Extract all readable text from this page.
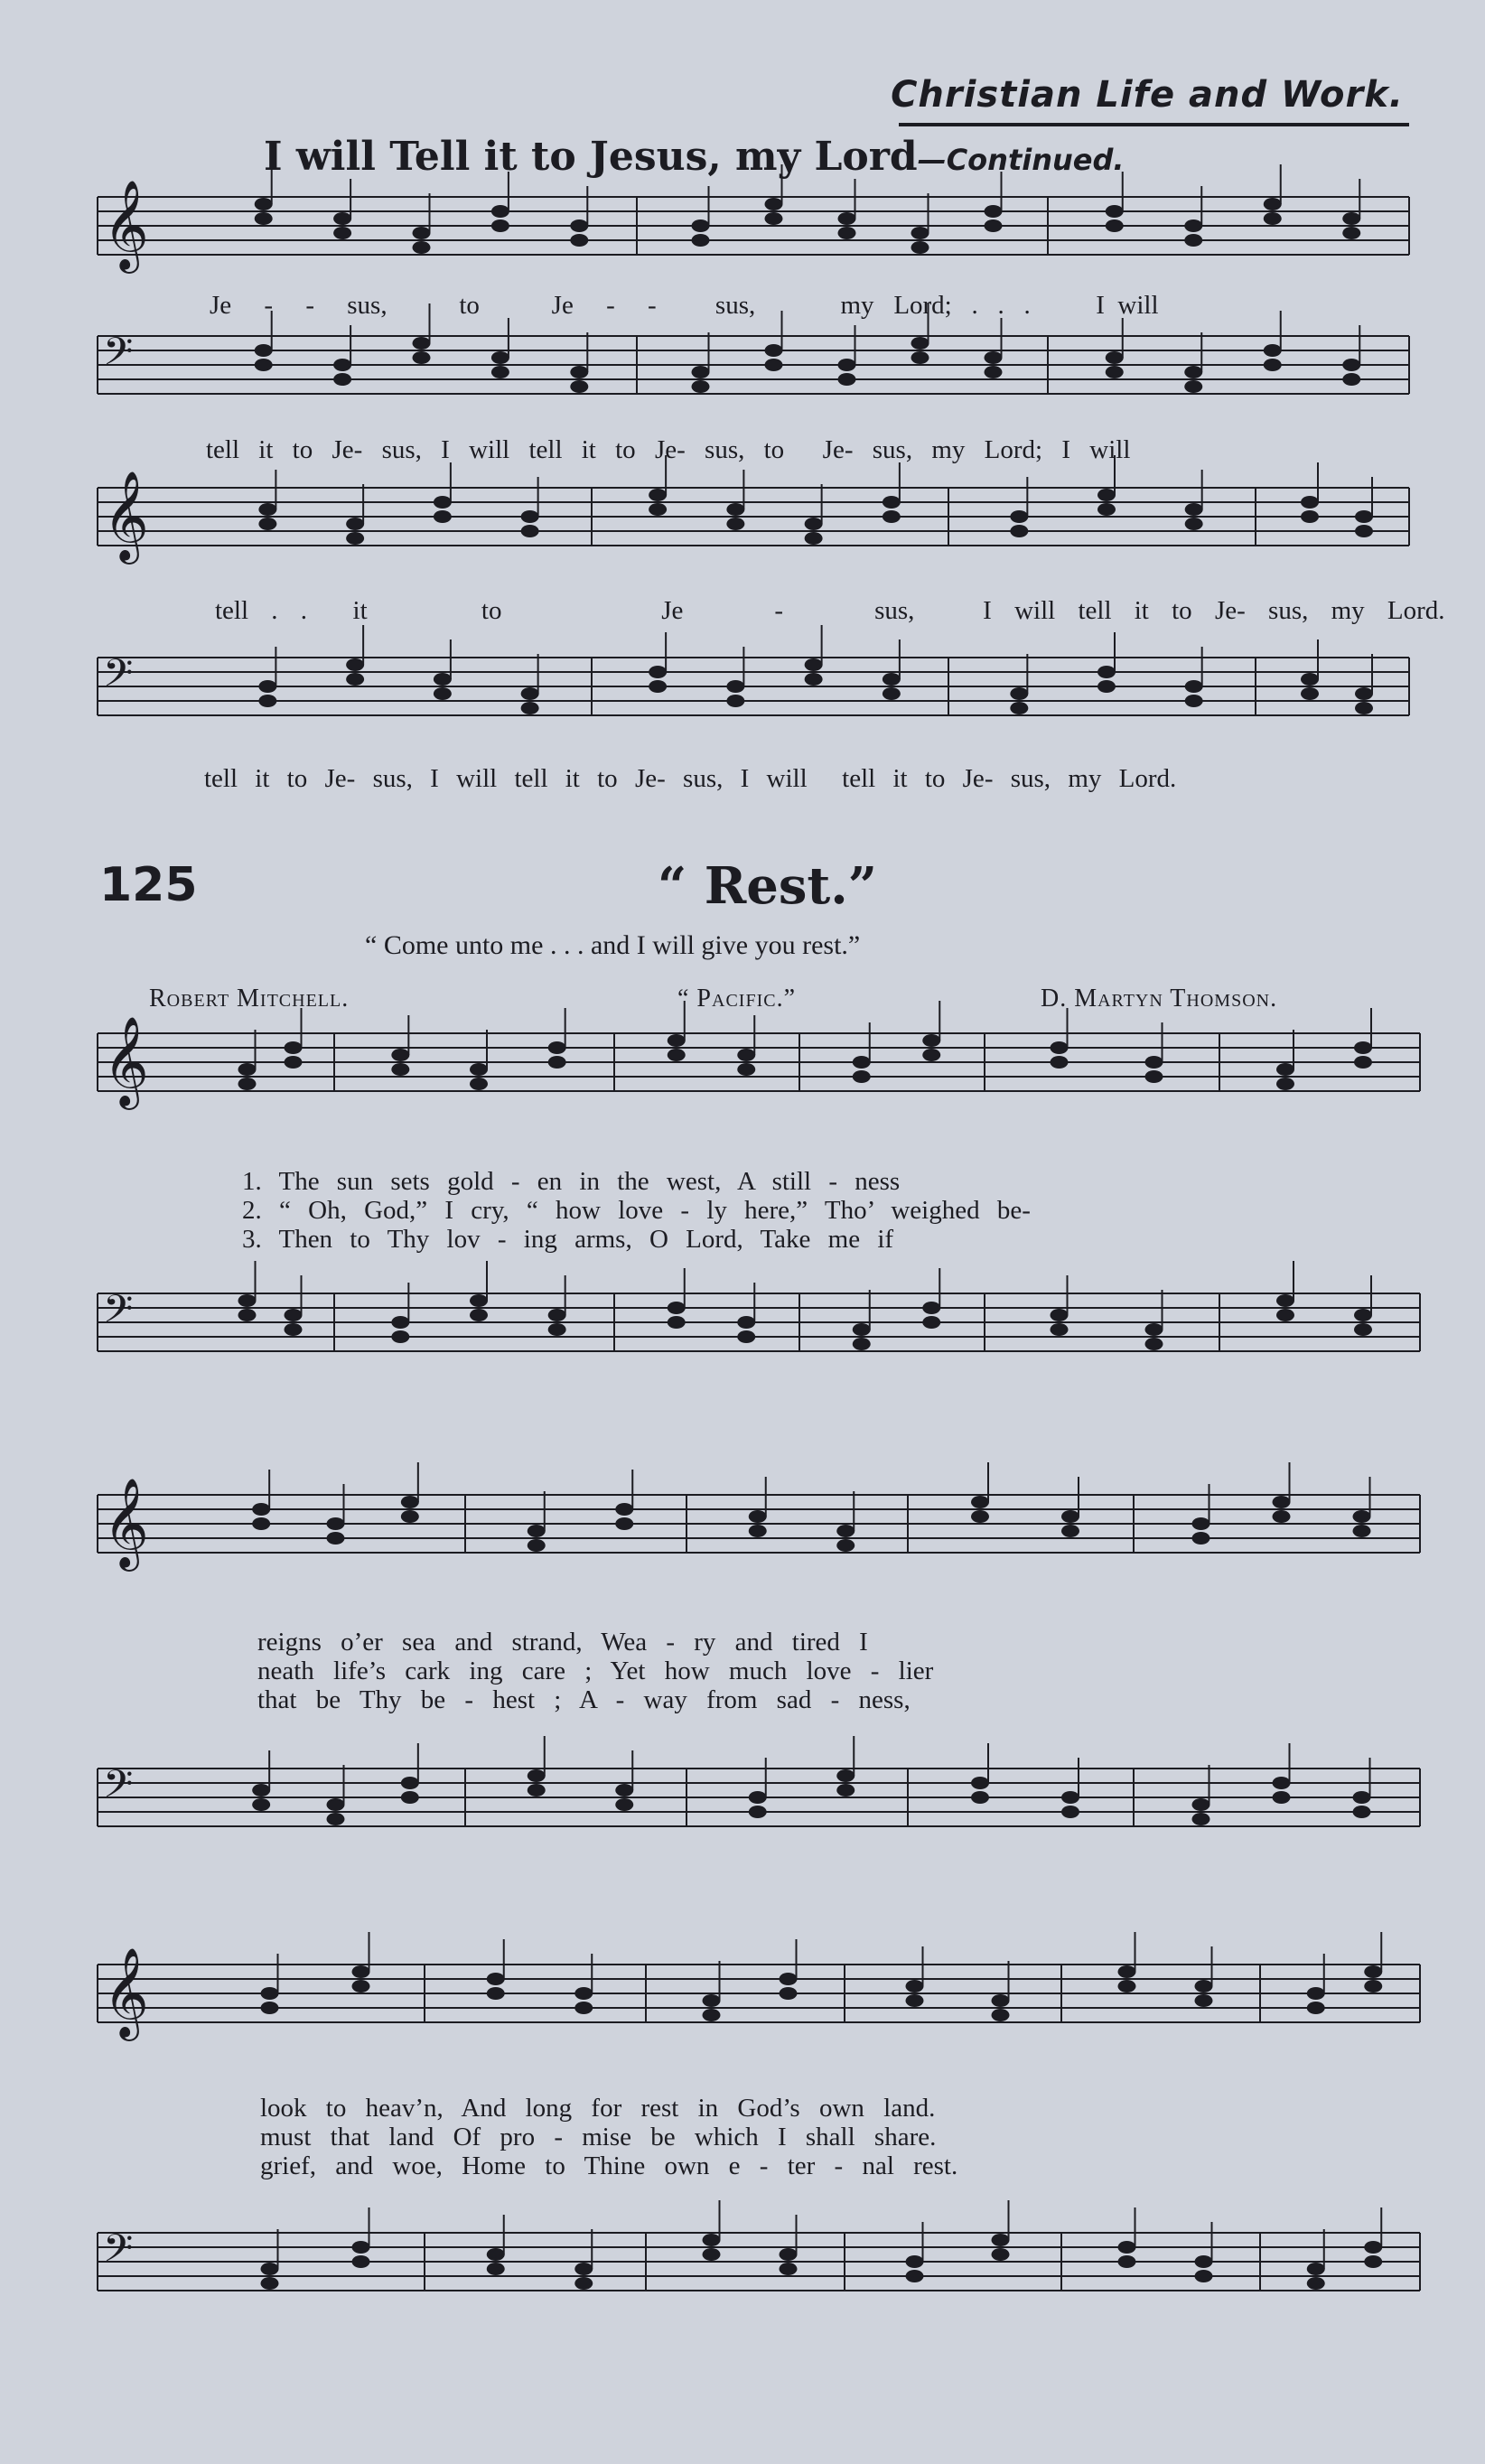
Christian Life and Work.
I will Tell it to Jesus, my Lord—Continued.
𝄞
𝄢
𝄞
𝄢
𝄞
𝄢
𝄞
𝄢
𝄞
𝄢
Je - - sus,	to	Je - - sus,	my Lord; . . .	I will
tell it to Je- sus, I will tell it to Je- sus, to Je- sus, my Lord; I will
tell . . it	to	Je	-	sus,	I will tell it to Je- sus, my Lord.
tell it to Je- sus, I will tell it to Je- sus, I will tell it to Je- sus, my Lord.
125	“ Rest.”
“ Come unto me . . . and I will give you rest.”
Robert Mitchell.	“ Pacific.”	D. Martyn Thomson.
1. The sun sets gold - en in the west, A still - ness
2. “ Oh, God,” I cry, “ how love - ly here,” Tho’ weighed be-
3. Then to Thy lov - ing arms, O Lord, Take me if
reigns o’er sea and strand, Wea - ry and tired I
neath life’s cark ing care ; Yet how much love - lier
that be Thy be - hest ; A - way from sad - ness,
look to heav’n, And long for rest in God’s own land.
must that land Of pro - mise be which I shall share.
grief, and woe, Home to Thine own e - ter - nal rest.
